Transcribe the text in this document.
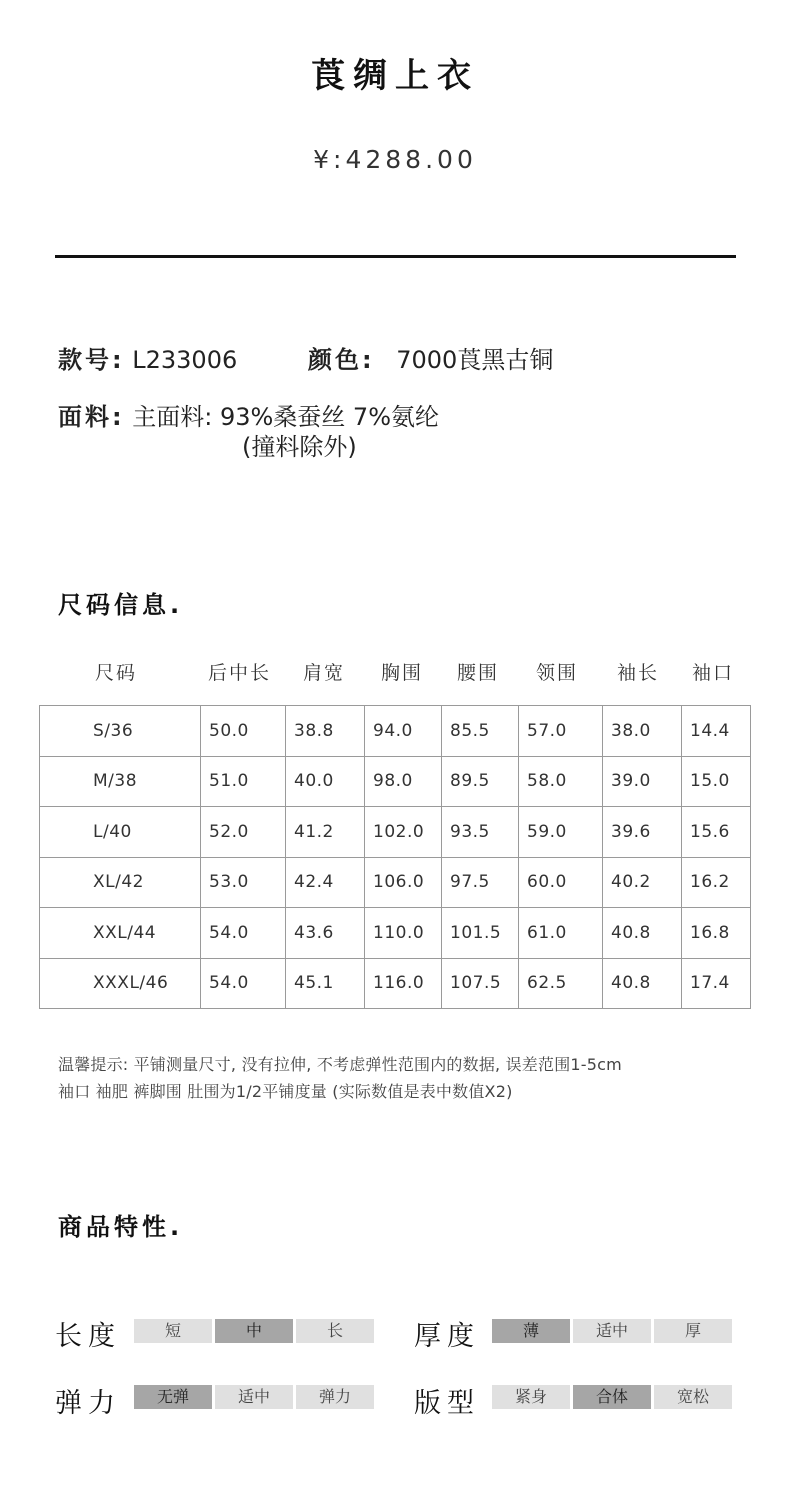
莨绸上衣
¥:4288.00
款号: L233006	颜色: 7000莨黑古铜
面料: 主面料: 93%桑蚕丝 7%氨纶
(撞料除外)
尺码信息.
尺码	后中长 肩宽 胸围 腰围 领围 袖长 袖口
S/36	50.0	38.8	94.0	85.5	57.0	38.0	14.4
M/38	51.0	40.0	98.0	89.5	58.0	39.0	15.0
L/40	52.0	41.2	102.0	93.5	59.0	39.6	15.6
XL/42	53.0	42.4	106.0	97.5	60.0	40.2	16.2
XXL/44	54.0	43.6	110.0	101.5	61.0	40.8	16.8
XXXL/46	54.0	45.1	116.0	107.5	62.5	40.8	17.4
温馨提示: 平铺测量尺寸, 没有拉伸, 不考虑弹性范围内的数据, 误差范围1-5cm
袖口 袖肥 裤脚围 肚围为1/2平铺度量 (实际数值是表中数值X2)
商品特性.
长度	短	中	长	厚度	薄	适中	厚
弹力	无弹	适中	弹力	版型	紧身	合体	宽松
